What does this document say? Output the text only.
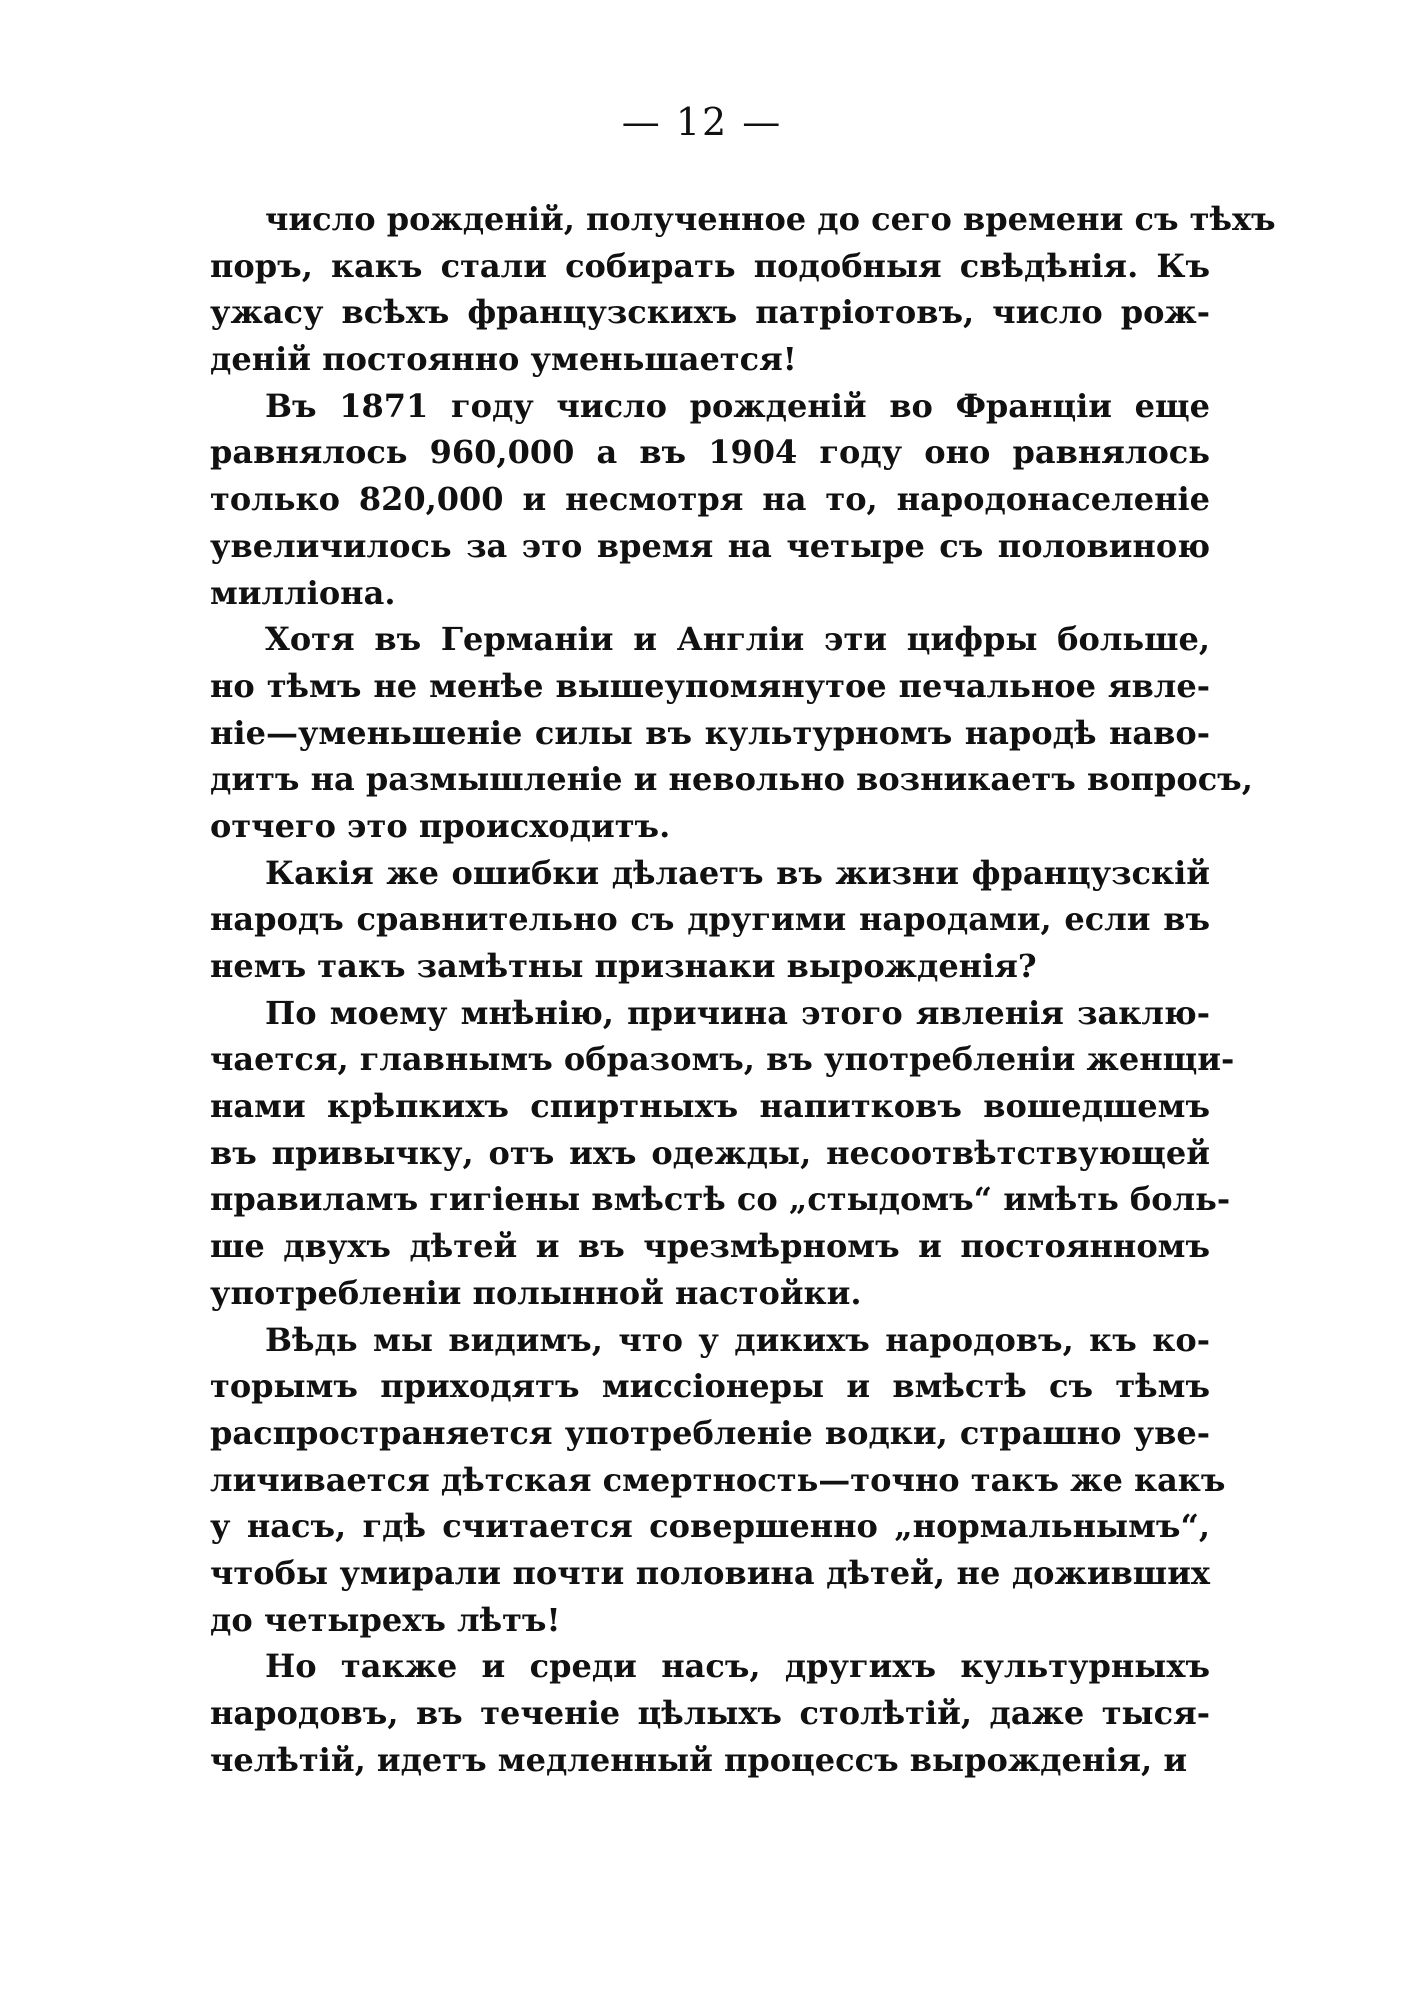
— 12 —
число рожденій, полученное до сего времени съ тѣхъ
поръ, какъ стали собирать подобныя свѣдѣнія. Къ
ужасу всѣхъ французскихъ патріотовъ, число рож-
деній постоянно уменьшается!
Въ 1871 году число рожденій во Франціи еще
равнялось 960,000 а въ 1904 году оно равнялось
только 820,000 и несмотря на то, народонаселеніе
увеличилось за это время на четыре съ половиною
милліона.
Хотя въ Германіи и Англіи эти цифры больше,
но тѣмъ не менѣе вышеупомянутое печальное явле-
ніе—уменьшеніе силы въ культурномъ народѣ наво-
дитъ на размышленіе и невольно возникаетъ вопросъ,
отчего это происходитъ.
Какія же ошибки дѣлаетъ въ жизни французскій
народъ сравнительно съ другими народами, если въ
немъ такъ замѣтны признаки вырожденія?
По моему мнѣнію, причина этого явленія заклю-
чается, главнымъ образомъ, въ употребленіи женщи-
нами крѣпкихъ спиртныхъ напитковъ вошедшемъ
въ привычку, отъ ихъ одежды, несоотвѣтствующей
правиламъ гигіены вмѣстѣ со „стыдомъ“ имѣть боль-
ше двухъ дѣтей и въ чрезмѣрномъ и постоянномъ
употребленіи полынной настойки.
Вѣдь мы видимъ, что у дикихъ народовъ, къ ко-
торымъ приходятъ миссіонеры и вмѣстѣ съ тѣмъ
распространяется употребленіе водки, страшно уве-
личивается дѣтская смертность—точно такъ же какъ
у насъ, гдѣ считается совершенно „нормальнымъ“,
чтобы умирали почти половина дѣтей, не доживших
до четырехъ лѣтъ!
Но также и среди насъ, другихъ культурныхъ
народовъ, въ теченіе цѣлыхъ столѣтій, даже тыся-
челѣтій, идетъ медленный процессъ вырожденія, и
